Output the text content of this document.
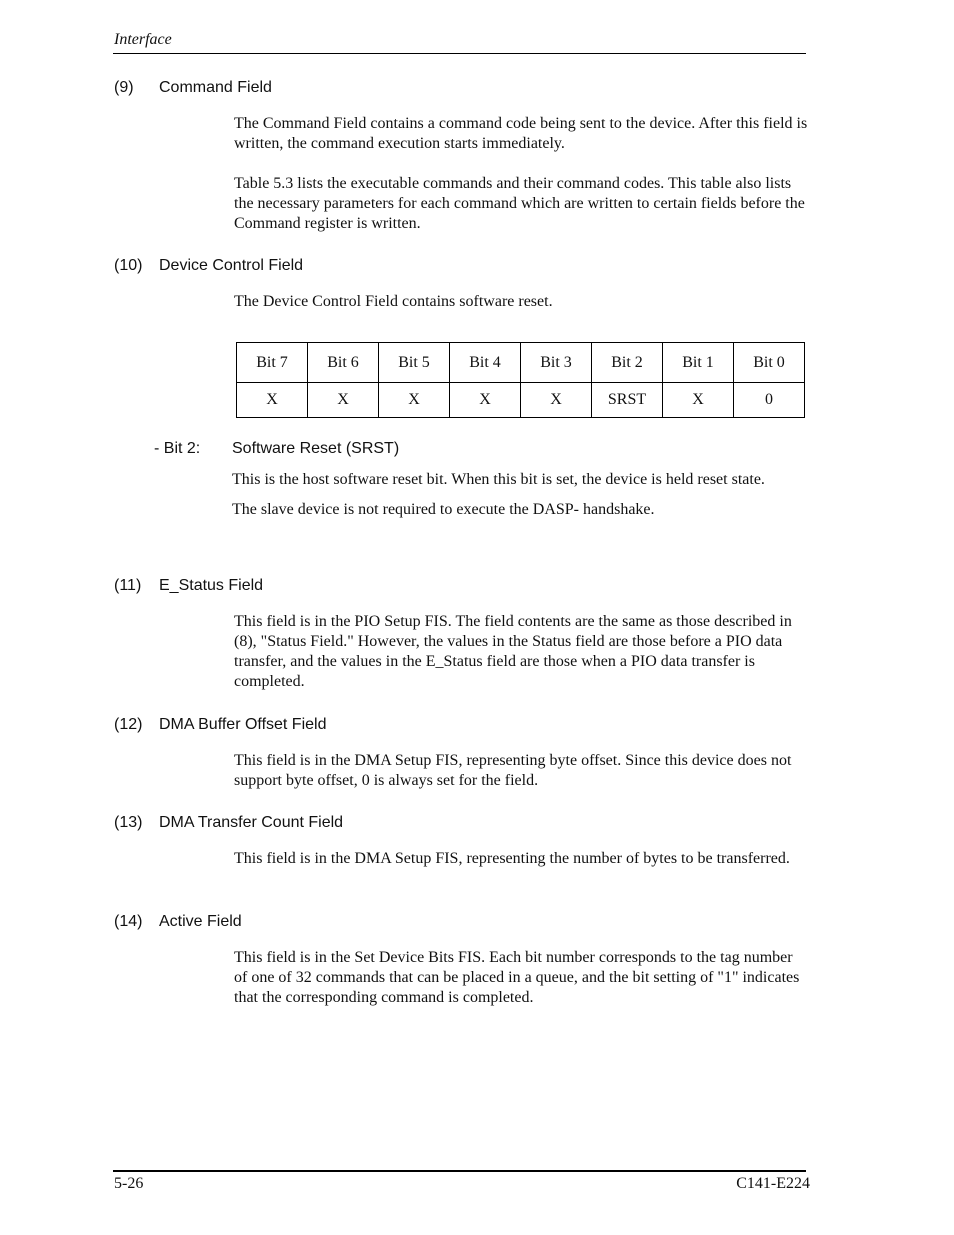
Interface
(9) Command Field
The Command Field contains a command code being sent to the device. After this field is written, the command execution starts immediately.
Table 5.3 lists the executable commands and their command codes. This table also lists the necessary parameters for each command which are written to certain fields before the Command register is written.
(10) Device Control Field
The Device Control Field contains software reset.
Bit 7	Bit 6	Bit 5	Bit 4	Bit 3	Bit 2	Bit 1	Bit 0
X	X	X	X	X	SRST	X	0
- Bit 2: Software Reset (SRST)
This is the host software reset bit. When this bit is set, the device is held reset state.
The slave device is not required to execute the DASP- handshake.
(11) E_Status Field
This field is in the PIO Setup FIS. The field contents are the same as those described in (8), "Status Field." However, the values in the Status field are those before a PIO data transfer, and the values in the E_Status field are those when a PIO data transfer is completed.
(12) DMA Buffer Offset Field
This field is in the DMA Setup FIS, representing byte offset. Since this device does not support byte offset, 0 is always set for the field.
(13) DMA Transfer Count Field
This field is in the DMA Setup FIS, representing the number of bytes to be transferred.
(14) Active Field
This field is in the Set Device Bits FIS. Each bit number corresponds to the tag number of one of 32 commands that can be placed in a queue, and the bit setting of "1" indicates that the corresponding command is completed.
5-26	C141-E224
